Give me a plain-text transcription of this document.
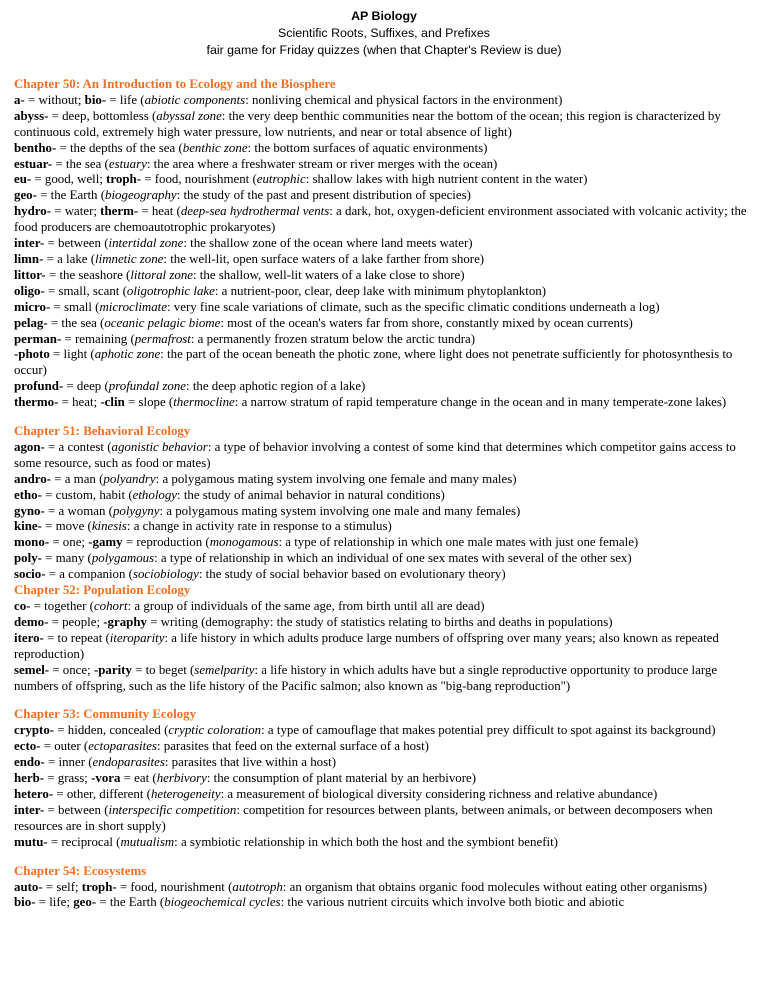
AP Biology
Scientific Roots, Suffixes, and Prefixes
fair game for Friday quizzes (when that Chapter's Review is due)
Chapter 50: An Introduction to Ecology and the Biosphere
a- = without; bio- = life (abiotic components: nonliving chemical and physical factors in the environment)
abyss- = deep, bottomless (abyssal zone: the very deep benthic communities near the bottom of the ocean; this region is characterized by continuous cold, extremely high water pressure, low nutrients, and near or total absence of light)
bentho- = the depths of the sea (benthic zone: the bottom surfaces of aquatic environments)
estuar- = the sea (estuary: the area where a freshwater stream or river merges with the ocean)
eu- = good, well; troph- = food, nourishment (eutrophic: shallow lakes with high nutrient content in the water)
geo- = the Earth (biogeography: the study of the past and present distribution of species)
hydro- = water; therm- = heat (deep-sea hydrothermal vents: a dark, hot, oxygen-deficient environment associated with volcanic activity; the food producers are chemoautotrophic prokaryotes)
inter- = between (intertidal zone: the shallow zone of the ocean where land meets water)
limn- = a lake (limnetic zone: the well-lit, open surface waters of a lake farther from shore)
littor- = the seashore (littoral zone: the shallow, well-lit waters of a lake close to shore)
oligo- = small, scant (oligotrophic lake: a nutrient-poor, clear, deep lake with minimum phytoplankton)
micro- = small (microclimate: very fine scale variations of climate, such as the specific climatic conditions underneath a log)
pelag- = the sea (oceanic pelagic biome: most of the ocean's waters far from shore, constantly mixed by ocean currents)
perman- = remaining (permafrost: a permanently frozen stratum below the arctic tundra)
-photo = light (aphotic zone: the part of the ocean beneath the photic zone, where light does not penetrate sufficiently for photosynthesis to occur)
profund- = deep (profundal zone: the deep aphotic region of a lake)
thermo- = heat; -clin = slope (thermocline: a narrow stratum of rapid temperature change in the ocean and in many temperate-zone lakes)
Chapter 51: Behavioral Ecology
agon- = a contest (agonistic behavior: a type of behavior involving a contest of some kind that determines which competitor gains access to some resource, such as food or mates)
andro- = a man (polyandry: a polygamous mating system involving one female and many males)
etho- = custom, habit (ethology: the study of animal behavior in natural conditions)
gyno- = a woman (polygyny: a polygamous mating system involving one male and many females)
kine- = move (kinesis: a change in activity rate in response to a stimulus)
mono- = one; -gamy = reproduction (monogamous: a type of relationship in which one male mates with just one female)
poly- = many (polygamous: a type of relationship in which an individual of one sex mates with several of the other sex)
socio- = a companion (sociobiology: the study of social behavior based on evolutionary theory)
Chapter 52: Population Ecology
co- = together (cohort: a group of individuals of the same age, from birth until all are dead)
demo- = people; -graphy = writing (demography: the study of statistics relating to births and deaths in populations)
itero- = to repeat (iteroparity: a life history in which adults produce large numbers of offspring over many years; also known as repeated reproduction)
semel- = once; -parity = to beget (semelparity: a life history in which adults have but a single reproductive opportunity to produce large numbers of offspring, such as the life history of the Pacific salmon; also known as "big-bang reproduction")
Chapter 53: Community Ecology
crypto- = hidden, concealed (cryptic coloration: a type of camouflage that makes potential prey difficult to spot against its background)
ecto- = outer (ectoparasites: parasites that feed on the external surface of a host)
endo- = inner (endoparasites: parasites that live within a host)
herb- = grass; -vora = eat (herbivory: the consumption of plant material by an herbivore)
hetero- = other, different (heterogeneity: a measurement of biological diversity considering richness and relative abundance)
inter- = between (interspecific competition: competition for resources between plants, between animals, or between decomposers when resources are in short supply)
mutu- = reciprocal (mutualism: a symbiotic relationship in which both the host and the symbiont benefit)
Chapter 54: Ecosystems
auto- = self; troph- = food, nourishment (autotroph: an organism that obtains organic food molecules without eating other organisms)
bio- = life; geo- = the Earth (biogeochemical cycles: the various nutrient circuits which involve both biotic and abiotic
